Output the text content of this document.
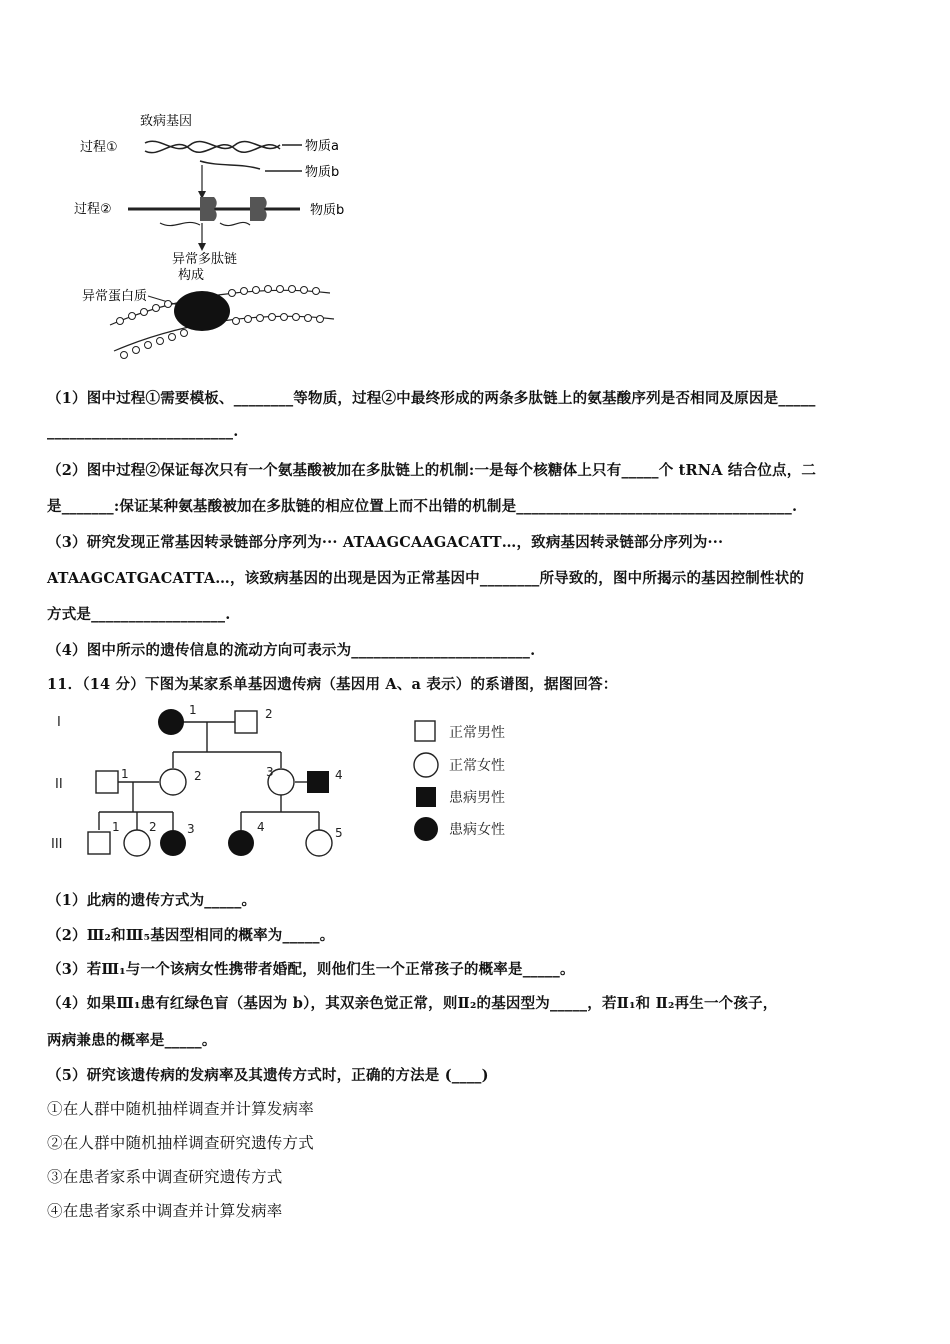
致病基因
过程①	物质a
物质b
过程②	物质b
异常多肽链
构成
异常蛋白质
（1）图中过程①需要模板、________等物质，过程②中最终形成的两条多肽链上的氨基酸序列是否相同及原因是_____
_________________________.
（2）图中过程②保证每次只有一个氨基酸被加在多肽链上的机制:一是每个核糖体上只有_____个 tRNA 结合位点，二
是_______:保证某种氨基酸被加在多肽链的相应位置上而不出错的机制是_____________________________________.
（3）研究发现正常基因转录链部分序列为··· ATAAGCAAGACATT…，致病基因转录链部分序列为···
ATAAGCATGACATTA…，该致病基因的出现是因为正常基因中________所导致的，图中所揭示的基因控制性状的
方式是__________________.
（4）图中所示的遗传信息的流动方向可表示为________________________.
11．（14 分）下图为某家系单基因遗传病（基因用 A、a 表示）的系谱图，据图回答：
I
II
III
1	2
1	2	3	4
1 2	3	4	5
正常男性
正常女性
患病男性
患病女性
（1）此病的遗传方式为_____。
（2）Ⅲ₂和Ⅲ₅基因型相同的概率为_____。
（3）若Ⅲ₁与一个该病女性携带者婚配，则他们生一个正常孩子的概率是_____。
（4）如果Ⅲ₁患有红绿色盲（基因为 b），其双亲色觉正常，则Ⅱ₂的基因型为_____，若Ⅱ₁和 Ⅱ₂再生一个孩子，
两病兼患的概率是_____。
（5）研究该遗传病的发病率及其遗传方式时，正确的方法是 (____)
①在人群中随机抽样调查并计算发病率
②在人群中随机抽样调查研究遗传方式
③在患者家系中调查研究遗传方式
④在患者家系中调查并计算发病率
